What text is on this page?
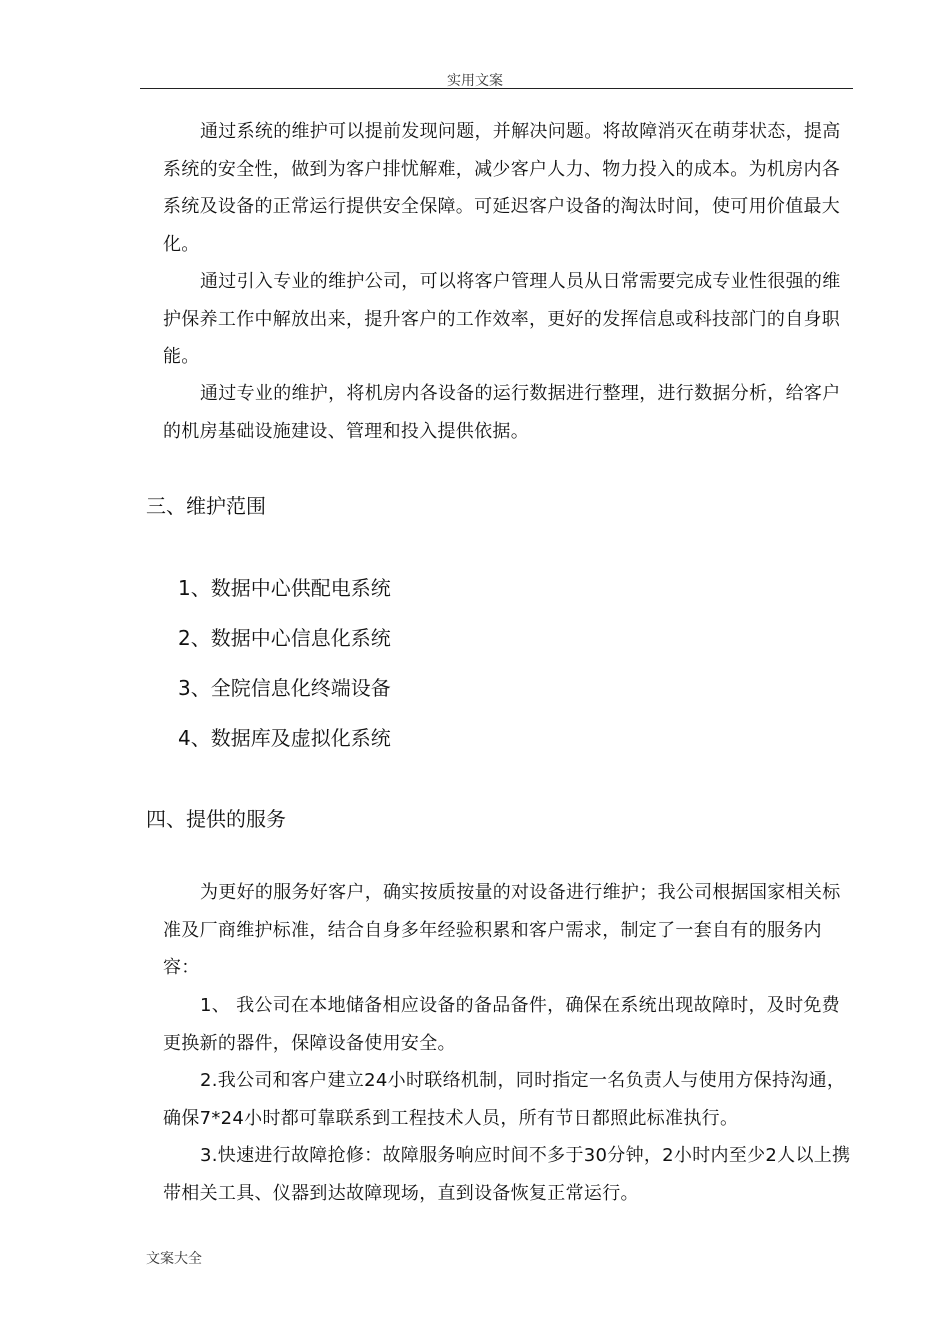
实用文案

通过系统的维护可以提前发现问题，并解决问题。将故障消灭在萌芽状态，提高系统的安全性，做到为客户排忧解难，减少客户人力、物力投入的成本。为机房内各系统及设备的正常运行提供安全保障。可延迟客户设备的淘汰时间，使可用价值最大化。

通过引入专业的维护公司，可以将客户管理人员从日常需要完成专业性很强的维护保养工作中解放出来，提升客户的工作效率，更好的发挥信息或科技部门的自身职能。

通过专业的维护，将机房内各设备的运行数据进行整理，进行数据分析，给客户的机房基础设施建设、管理和投入提供依据。

三、维护范围
1、数据中心供配电系统
2、数据中心信息化系统
3、全院信息化终端设备
4、数据库及虚拟化系统
四、提供的服务

为更好的服务好客户，确实按质按量的对设备进行维护；我公司根据国家相关标准及厂商维护标准，结合自身多年经验积累和客户需求，制定了一套自有的服务内容：

1、 我公司在本地储备相应设备的备品备件，确保在系统出现故障时，及时免费更换新的器件，保障设备使用安全。

2.我公司和客户建立24小时联络机制，同时指定一名负责人与使用方保持沟通，确保7*24小时都可靠联系到工程技术人员，所有节日都照此标准执行。

3.快速进行故障抢修：故障服务响应时间不多于30分钟，2小时内至少2人以上携带相关工具、仪器到达故障现场，直到设备恢复正常运行。

文案大全
